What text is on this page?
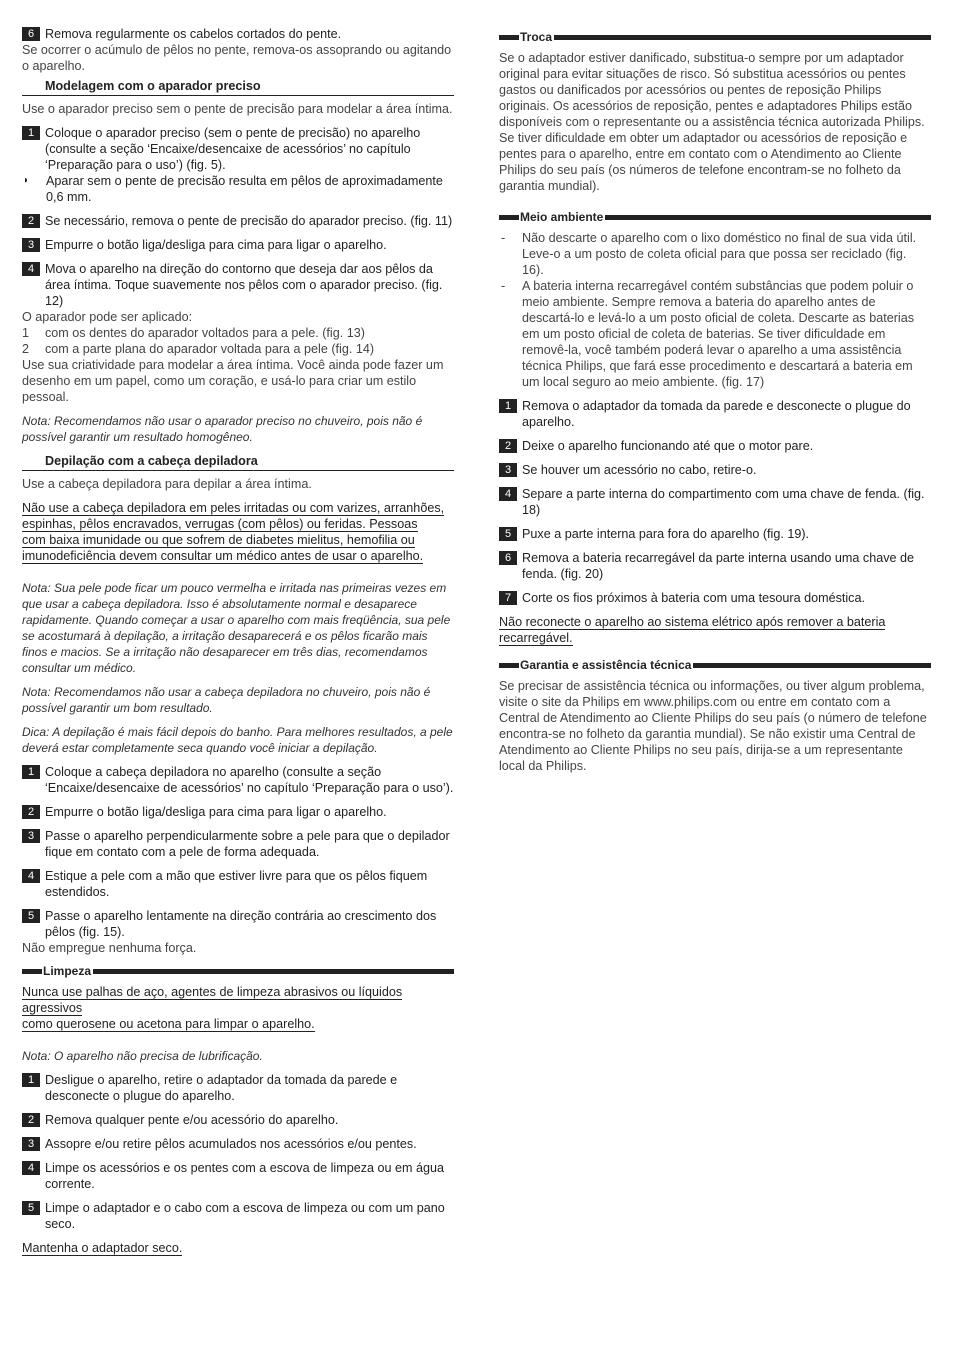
6 Remova regularmente os cabelos cortados do pente.
Se ocorrer o acúmulo de pêlos no pente, remova-os assoprando ou agitando o aparelho.
Modelagem com o aparador preciso
Use o aparador preciso sem o pente de precisão para modelar a área íntima.
1 Coloque o aparador preciso (sem o pente de precisão) no aparelho (consulte a seção ‘Encaixe/desencaixe de acessórios’ no capítulo ‘Preparação para o uso’) (fig. 5).
◗	Aparar sem o pente de precisão resulta em pêlos de aproximadamente 0,6 mm.
2 Se necessário, remova o pente de precisão do aparador preciso. (fig. 11)
3 Empurre o botão liga/desliga para cima para ligar o aparelho.
4 Mova o aparelho na direção do contorno que deseja dar aos pêlos da área íntima. Toque suavemente nos pêlos com o aparador preciso. (fig. 12)
O aparador pode ser aplicado:
1	com os dentes do aparador voltados para a pele. (fig. 13)
2	com a parte plana do aparador voltada para a pele (fig. 14)
Use sua criatividade para modelar a área íntima. Você ainda pode fazer um desenho em um papel, como um coração, e usá-lo para criar um estilo pessoal.
Nota: Recomendamos não usar o aparador preciso no chuveiro, pois não é possível garantir um resultado homogêneo.
Depilação com a cabeça depiladora
Use a cabeça depiladora para depilar a área íntima.
Não use a cabeça depiladora em peles irritadas ou com varizes, arranhões,
espinhas, pêlos encravados, verrugas (com pêlos) ou feridas. Pessoas
com baixa imunidade ou que sofrem de diabetes mielitus, hemofilia ou
imunodeficiência devem consultar um médico antes de usar o aparelho.
Nota: Sua pele pode ficar um pouco vermelha e irritada nas primeiras vezes em que usar a cabeça depiladora. Isso é absolutamente normal e desaparece rapidamente. Quando começar a usar o aparelho com mais freqüência, sua pele se acostumará à depilação, a irritação desaparecerá e os pêlos ficarão mais finos e macios. Se a irritação não desaparecer em três dias, recomendamos consultar um médico.
Nota: Recomendamos não usar a cabeça depiladora no chuveiro, pois não é possível garantir um bom resultado.
Dica: A depilação é mais fácil depois do banho. Para melhores resultados, a pele deverá estar completamente seca quando você iniciar a depilação.
1 Coloque a cabeça depiladora no aparelho (consulte a seção ‘Encaixe/desencaixe de acessórios’ no capítulo ‘Preparação para o uso’).
2 Empurre o botão liga/desliga para cima para ligar o aparelho.
3 Passe o aparelho perpendicularmente sobre a pele para que o depilador fique em contato com a pele de forma adequada.
4 Estique a pele com a mão que estiver livre para que os pêlos fiquem estendidos.
5 Passe o aparelho lentamente na direção contrária ao crescimento dos pêlos (fig. 15).
Não empregue nenhuma força.
Limpeza
Nunca use palhas de aço, agentes de limpeza abrasivos ou líquidos agressivos
como querosene ou acetona para limpar o aparelho.
Nota: O aparelho não precisa de lubrificação.
1 Desligue o aparelho, retire o adaptador da tomada da parede e desconecte o plugue do aparelho.
2 Remova qualquer pente e/ou acessório do aparelho.
3 Assopre e/ou retire pêlos acumulados nos acessórios e/ou pentes.
4 Limpe os acessórios e os pentes com a escova de limpeza ou em água corrente.
5 Limpe o adaptador e o cabo com a escova de limpeza ou com um pano seco.
Mantenha o adaptador seco.
Troca
Se o adaptador estiver danificado, substitua-o sempre por um adaptador original para evitar situações de risco. Só substitua acessórios ou pentes gastos ou danificados por acessórios ou pentes de reposição Philips originais. Os acessórios de reposição, pentes e adaptadores Philips estão disponíveis com o representante ou a assistência técnica autorizada Philips. Se tiver dificuldade em obter um adaptador ou acessórios de reposição e pentes para o aparelho, entre em contato com o Atendimento ao Cliente Philips do seu país (os números de telefone encontram-se no folheto da garantia mundial).
Meio ambiente
-	Não descarte o aparelho com o lixo doméstico no final de sua vida útil. Leve-o a um posto de coleta oficial para que possa ser reciclado (fig. 16).
-	A bateria interna recarregável contém substâncias que podem poluir o meio ambiente. Sempre remova a bateria do aparelho antes de descartá-lo e levá-lo a um posto oficial de coleta. Descarte as baterias em um posto oficial de coleta de baterias. Se tiver dificuldade em removê-la, você também poderá levar o aparelho a uma assistência técnica Philips, que fará esse procedimento e descartará a bateria em um local seguro ao meio ambiente. (fig. 17)
1 Remova o adaptador da tomada da parede e desconecte o plugue do aparelho.
2 Deixe o aparelho funcionando até que o motor pare.
3 Se houver um acessório no cabo, retire-o.
4 Separe a parte interna do compartimento com uma chave de fenda. (fig. 18)
5 Puxe a parte interna para fora do aparelho (fig. 19).
6 Remova a bateria recarregável da parte interna usando uma chave de fenda. (fig. 20)
7 Corte os fios próximos à bateria com uma tesoura doméstica.
Não reconecte o aparelho ao sistema elétrico após remover a bateria
recarregável.
Garantia e assistência técnica
Se precisar de assistência técnica ou informações, ou tiver algum problema, visite o site da Philips em www.philips.com ou entre em contato com a Central de Atendimento ao Cliente Philips do seu país (o número de telefone encontra-se no folheto da garantia mundial). Se não existir uma Central de Atendimento ao Cliente Philips no seu país, dirija-se a um representante local da Philips.
